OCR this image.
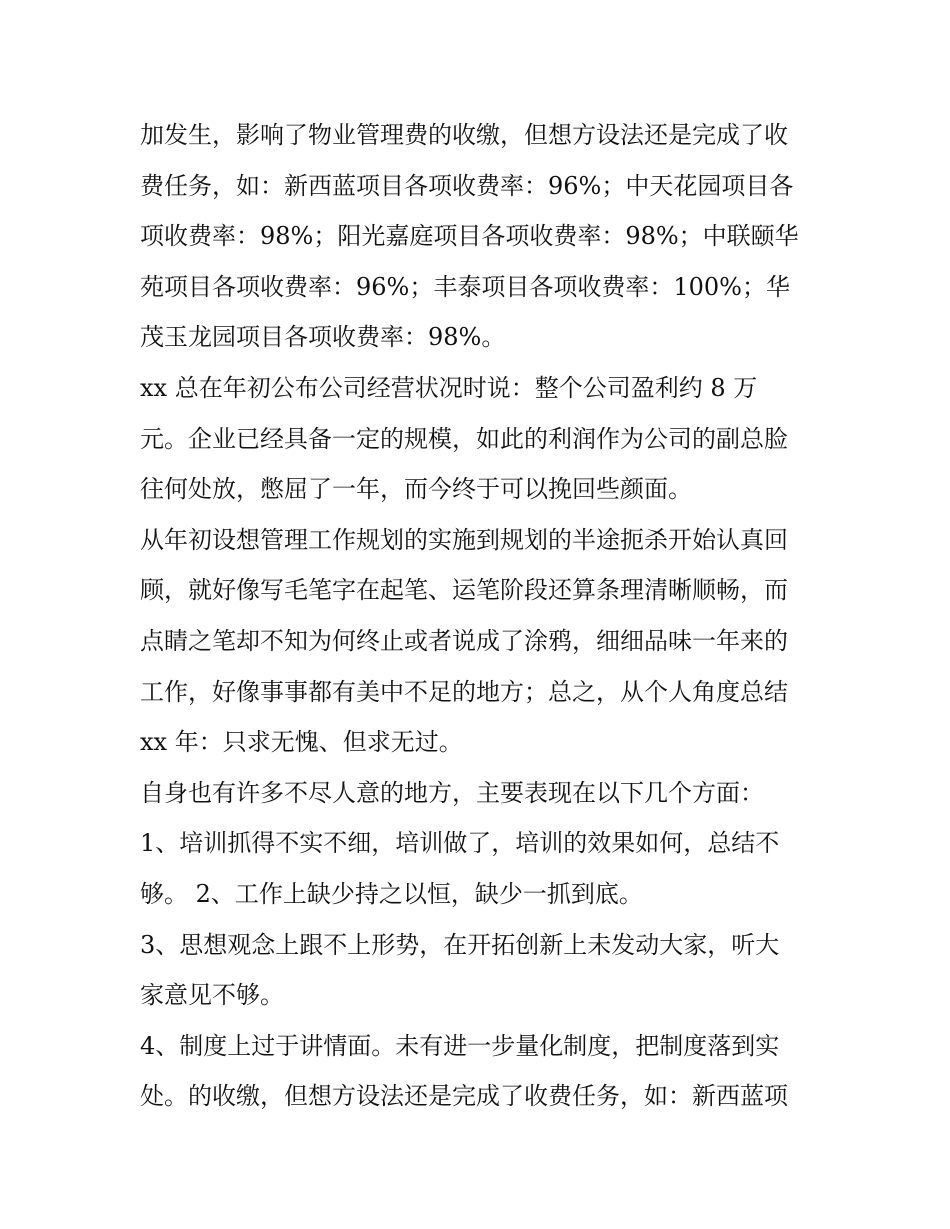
加发生，影响了物业管理费的收缴，但想方设法还是完成了收
费任务，如：新西蓝项目各项收费率：96%；中天花园项目各
项收费率：98%；阳光嘉庭项目各项收费率：98%；中联颐华
苑项目各项收费率：96%；丰泰项目各项收费率：100%；华
茂玉龙园项目各项收费率：98%。
xx 总在年初公布公司经营状况时说：整个公司盈利约 8 万
元。企业已经具备一定的规模，如此的利润作为公司的副总脸
往何处放，憋屈了一年，而今终于可以挽回些颜面。
从年初设想管理工作规划的实施到规划的半途扼杀开始认真回
顾，就好像写毛笔字在起笔、运笔阶段还算条理清晰顺畅，而
点睛之笔却不知为何终止或者说成了涂鸦，细细品味一年来的
工作，好像事事都有美中不足的地方；总之，从个人角度总结
xx 年：只求无愧、但求无过。
自身也有许多不尽人意的地方，主要表现在以下几个方面：
1、培训抓得不实不细，培训做了，培训的效果如何，总结不
够。 2、工作上缺少持之以恒，缺少一抓到底。
3、思想观念上跟不上形势，在开拓创新上未发动大家，听大
家意见不够。
4、制度上过于讲情面。未有进一步量化制度，把制度落到实
处。的收缴，但想方设法还是完成了收费任务，如：新西蓝项
